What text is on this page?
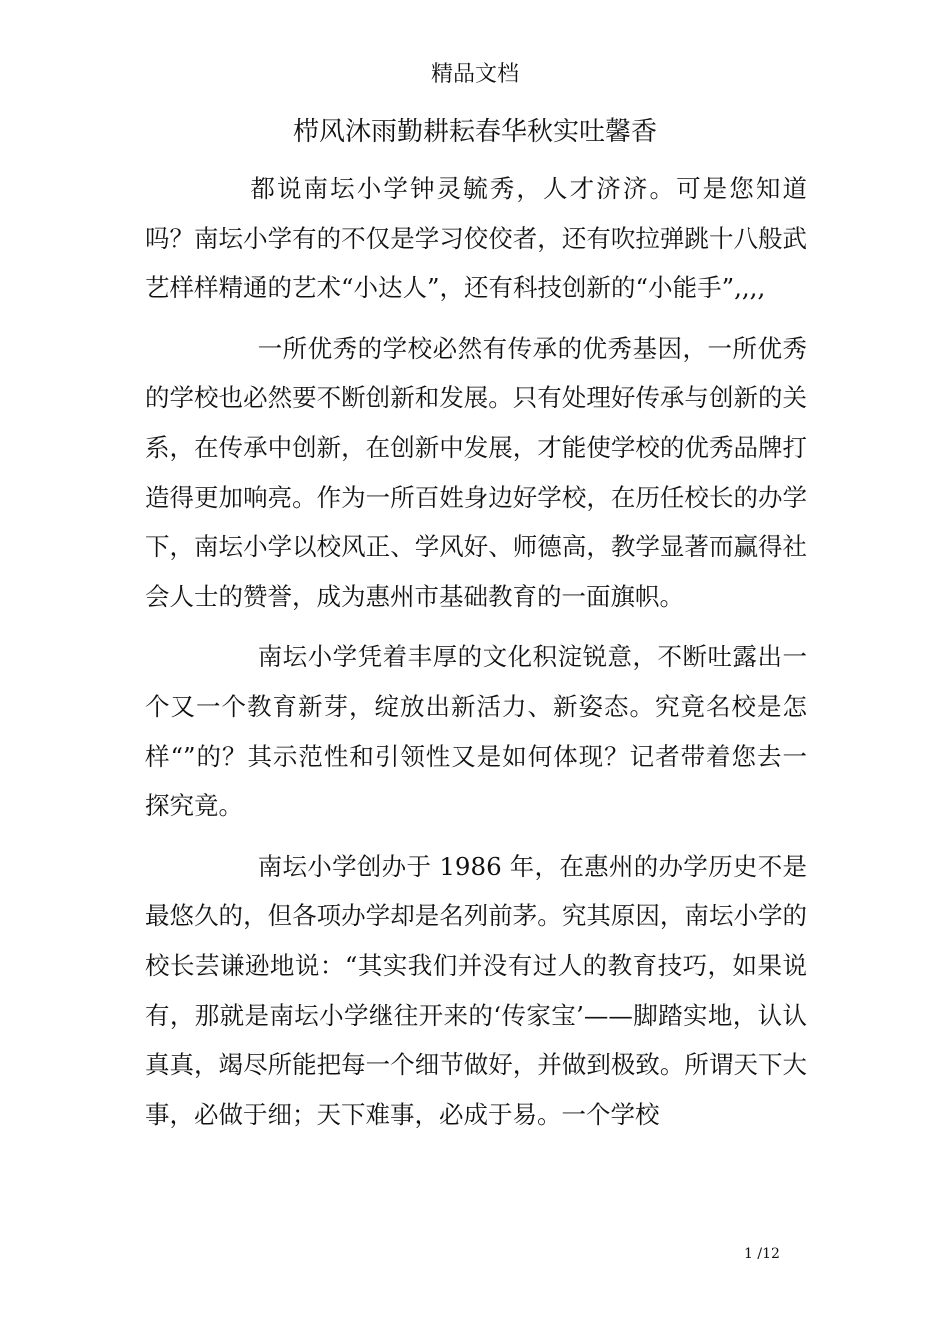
精品文档
栉风沐雨勤耕耘春华秋实吐馨香

都说南坛小学钟灵毓秀，人才济济。可是您知道吗？南坛小学有的不仅是学习佼佼者，还有吹拉弹跳十八般武艺样样精通的艺术“小达人”，还有科技创新的“小能手”,,,,

一所优秀的学校必然有传承的优秀基因，一所优秀的学校也必然要不断创新和发展。只有处理好传承与创新的关系，在传承中创新，在创新中发展，才能使学校的优秀品牌打造得更加响亮。作为一所百姓身边好学校，在历任校长的办学下，南坛小学以校风正、学风好、师德高，教学显著而赢得社会人士的赞誉，成为惠州市基础教育的一面旗帜。

南坛小学凭着丰厚的文化积淀锐意，不断吐露出一个又一个教育新芽，绽放出新活力、新姿态。究竟名校是怎样“”的？其示范性和引领性又是如何体现？记者带着您去一探究竟。

南坛小学创办于 1986 年，在惠州的办学历史不是最悠久的，但各项办学却是名列前茅。究其原因，南坛小学的校长芸谦逊地说：“其实我们并没有过人的教育技巧，如果说有，那就是南坛小学继往开来的‘传家宝’——脚踏实地，认认真真，竭尽所能把每一个细节做好，并做到极致。所谓天下大事，必做于细；天下难事，必成于易。一个学校

1 /12
